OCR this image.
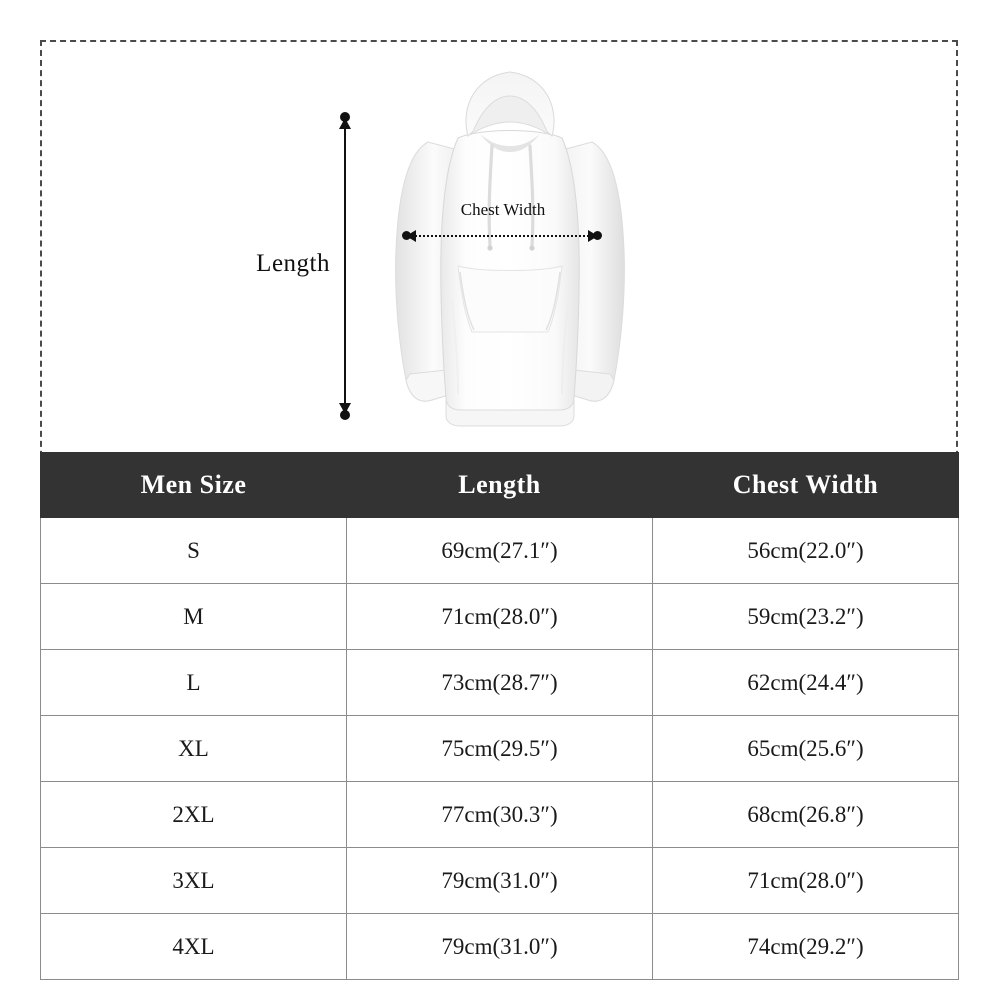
Length
Chest Width
Men Size	Length	Chest Width
S	69cm(27.1″)	56cm(22.0″)
M	71cm(28.0″)	59cm(23.2″)
L	73cm(28.7″)	62cm(24.4″)
XL	75cm(29.5″)	65cm(25.6″)
2XL	77cm(30.3″)	68cm(26.8″)
3XL	79cm(31.0″)	71cm(28.0″)
4XL	79cm(31.0″)	74cm(29.2″)
